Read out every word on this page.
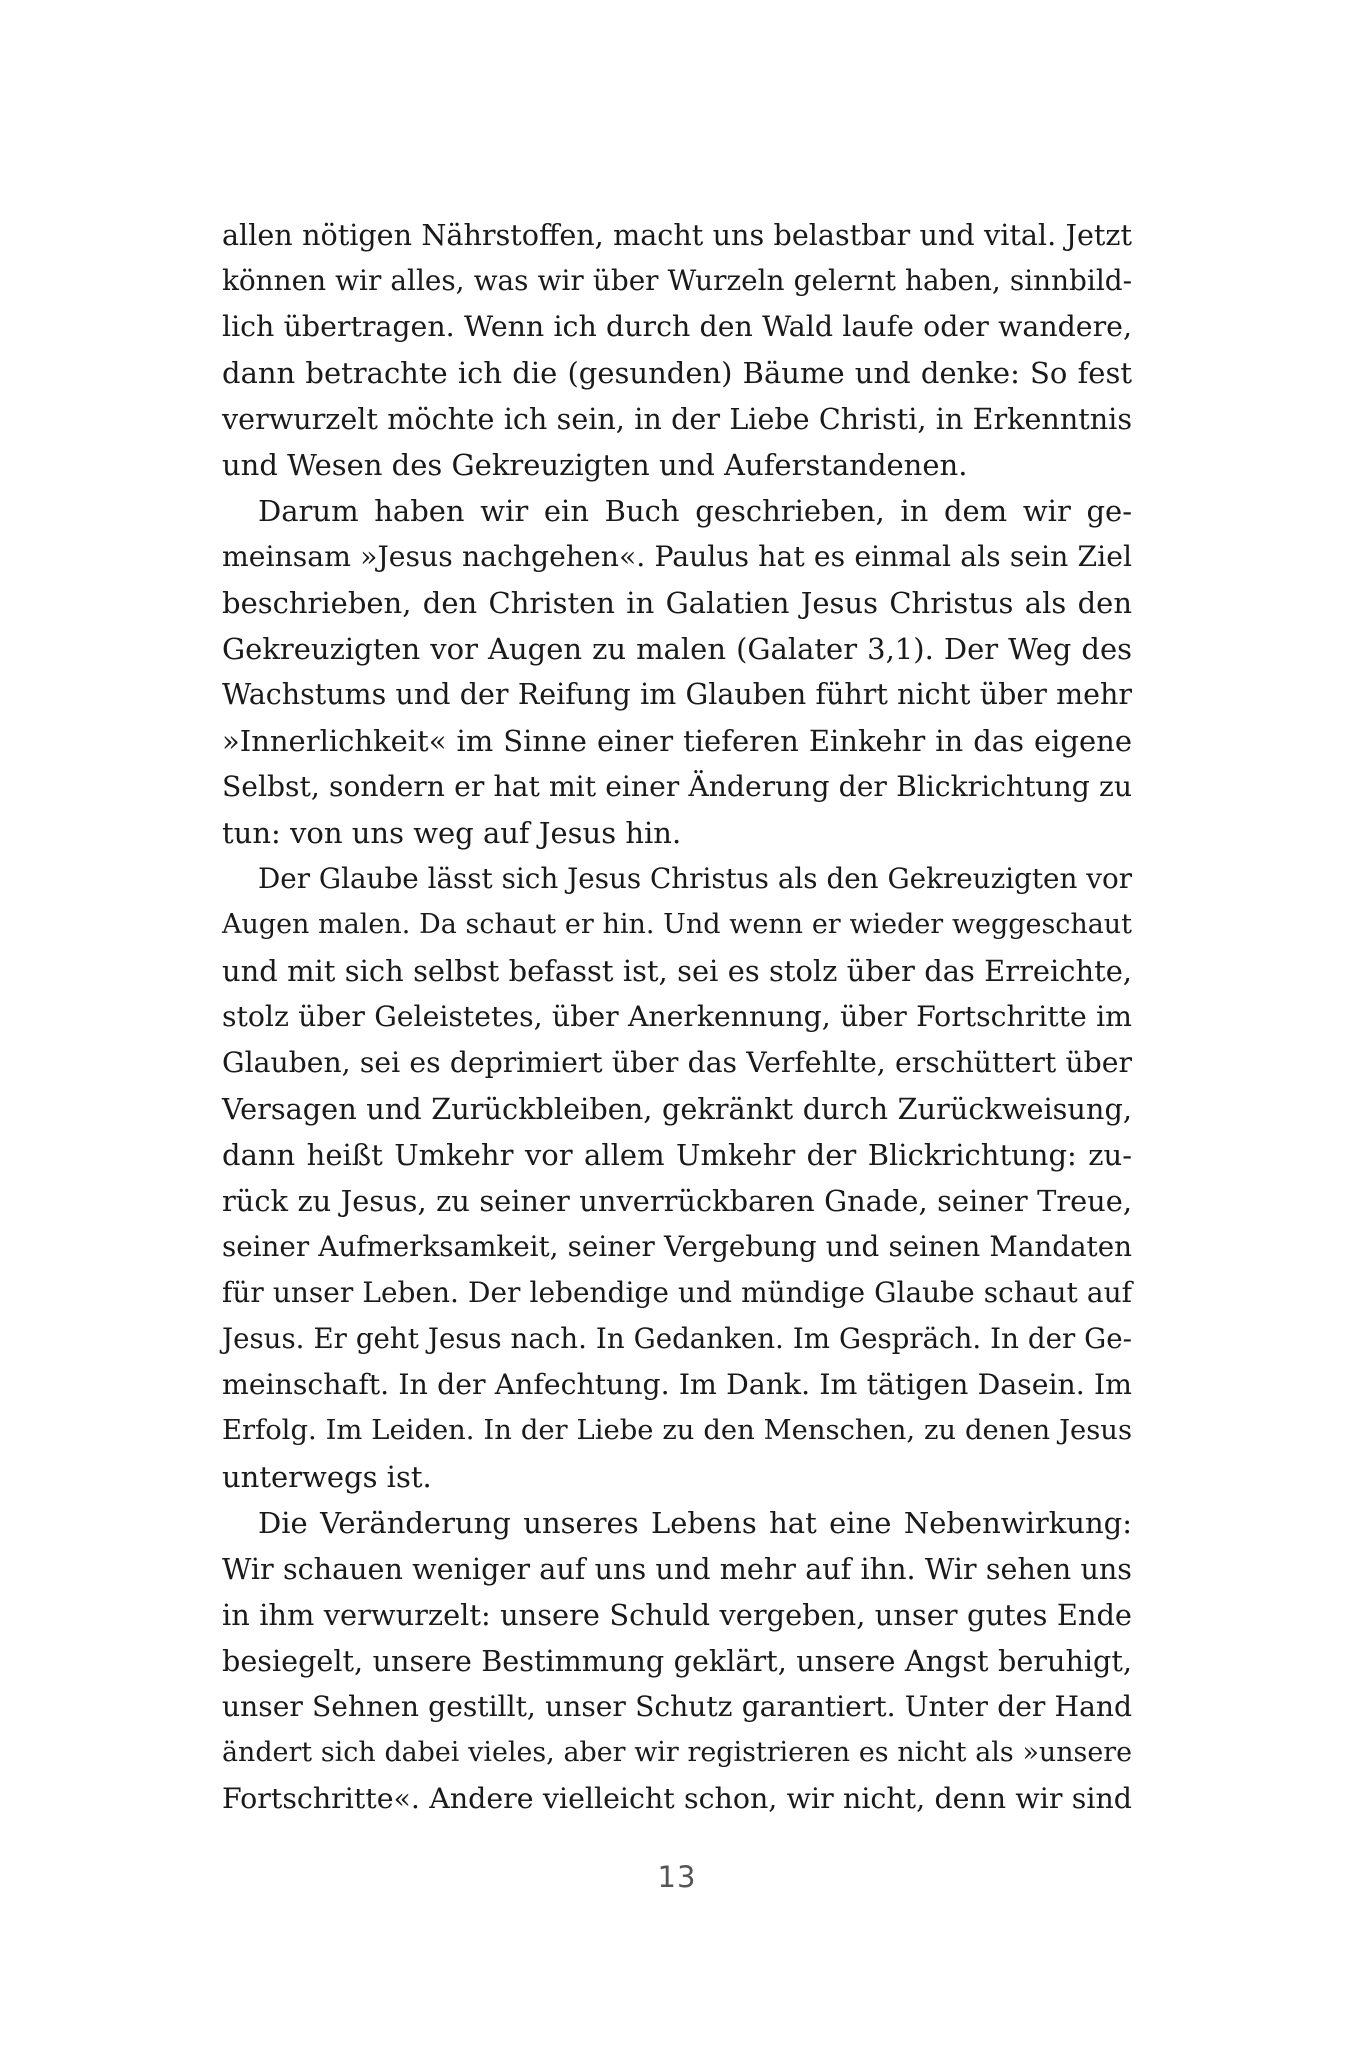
allen nötigen Nährstoffen, macht uns belastbar und vital. Jetzt
können wir alles, was wir über Wurzeln gelernt haben, sinnbild-
lich übertragen. Wenn ich durch den Wald laufe oder wandere,
dann betrachte ich die (gesunden) Bäume und denke: So fest
verwurzelt möchte ich sein, in der Liebe Christi, in Erkenntnis
und Wesen des Gekreuzigten und Auferstandenen.
Darum haben wir ein Buch geschrieben, in dem wir ge-
meinsam »Jesus nachgehen«. Paulus hat es einmal als sein Ziel
beschrieben, den Christen in Galatien Jesus Christus als den
Gekreuzigten vor Augen zu malen (Galater 3,1). Der Weg des
Wachstums und der Reifung im Glauben führt nicht über mehr
»Innerlichkeit« im Sinne einer tieferen Einkehr in das eigene
Selbst, sondern er hat mit einer Änderung der Blickrichtung zu
tun: von uns weg auf Jesus hin.
Der Glaube lässt sich Jesus Christus als den Gekreuzigten vor
Augen malen. Da schaut er hin. Und wenn er wieder weggeschaut
und mit sich selbst befasst ist, sei es stolz über das Erreichte,
stolz über Geleistetes, über Anerkennung, über Fortschritte im
Glauben, sei es deprimiert über das Verfehlte, erschüttert über
Versagen und Zurückbleiben, gekränkt durch Zurückweisung,
dann heißt Umkehr vor allem Umkehr der Blickrichtung: zu-
rück zu Jesus, zu seiner unverrückbaren Gnade, seiner Treue,
seiner Aufmerksamkeit, seiner Vergebung und seinen Mandaten
für unser Leben. Der lebendige und mündige Glaube schaut auf
Jesus. Er geht Jesus nach. In Gedanken. Im Gespräch. In der Ge-
meinschaft. In der Anfechtung. Im Dank. Im tätigen Dasein. Im
Erfolg. Im Leiden. In der Liebe zu den Menschen, zu denen Jesus
unterwegs ist.
Die Veränderung unseres Lebens hat eine Nebenwirkung:
Wir schauen weniger auf uns und mehr auf ihn. Wir sehen uns
in ihm verwurzelt: unsere Schuld vergeben, unser gutes Ende
besiegelt, unsere Bestimmung geklärt, unsere Angst beruhigt,
unser Sehnen gestillt, unser Schutz garantiert. Unter der Hand
ändert sich dabei vieles, aber wir registrieren es nicht als »unsere
Fortschritte«. Andere vielleicht schon, wir nicht, denn wir sind
13
